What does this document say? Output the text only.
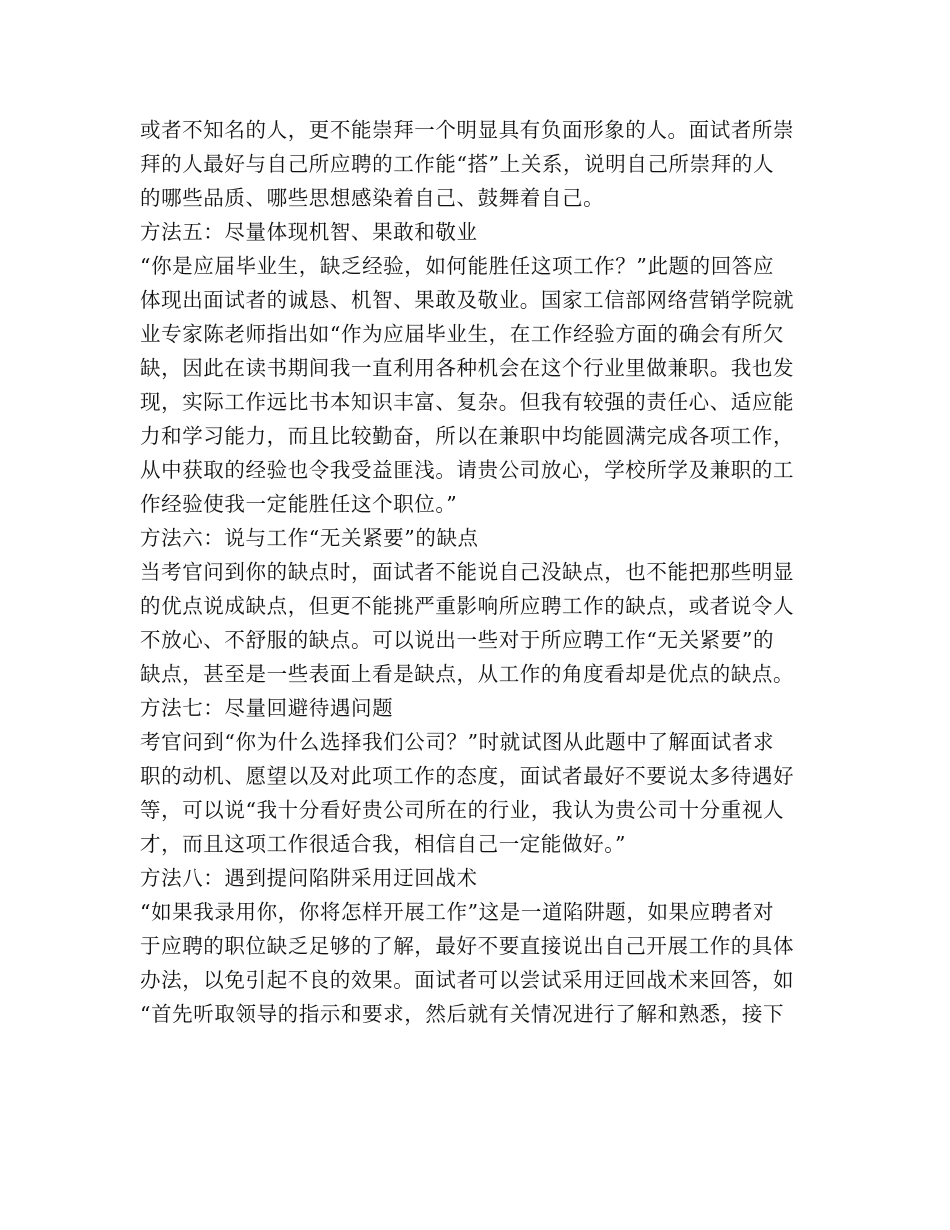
或者不知名的人，更不能崇拜一个明显具有负面形象的人。面试者所崇
拜的人最好与自己所应聘的工作能“搭”上关系，说明自己所崇拜的人
的哪些品质、哪些思想感染着自己、鼓舞着自己。
方法五：尽量体现机智、果敢和敬业
“你是应届毕业生，缺乏经验，如何能胜任这项工作？”此题的回答应
体现出面试者的诚恳、机智、果敢及敬业。国家工信部网络营销学院就
业专家陈老师指出如“作为应届毕业生，在工作经验方面的确会有所欠
缺，因此在读书期间我一直利用各种机会在这个行业里做兼职。我也发
现，实际工作远比书本知识丰富、复杂。但我有较强的责任心、适应能
力和学习能力，而且比较勤奋，所以在兼职中均能圆满完成各项工作，
从中获取的经验也令我受益匪浅。请贵公司放心，学校所学及兼职的工
作经验使我一定能胜任这个职位。”
方法六：说与工作“无关紧要”的缺点
当考官问到你的缺点时，面试者不能说自己没缺点，也不能把那些明显
的优点说成缺点，但更不能挑严重影响所应聘工作的缺点，或者说令人
不放心、不舒服的缺点。可以说出一些对于所应聘工作“无关紧要”的
缺点，甚至是一些表面上看是缺点，从工作的角度看却是优点的缺点。
方法七：尽量回避待遇问题
考官问到“你为什么选择我们公司？”时就试图从此题中了解面试者求
职的动机、愿望以及对此项工作的态度，面试者最好不要说太多待遇好
等，可以说“我十分看好贵公司所在的行业，我认为贵公司十分重视人
才，而且这项工作很适合我，相信自己一定能做好。”
方法八：遇到提问陷阱采用迂回战术
“如果我录用你，你将怎样开展工作”这是一道陷阱题，如果应聘者对
于应聘的职位缺乏足够的了解，最好不要直接说出自己开展工作的具体
办法，以免引起不良的效果。面试者可以尝试采用迂回战术来回答，如
“首先听取领导的指示和要求，然后就有关情况进行了解和熟悉，接下
